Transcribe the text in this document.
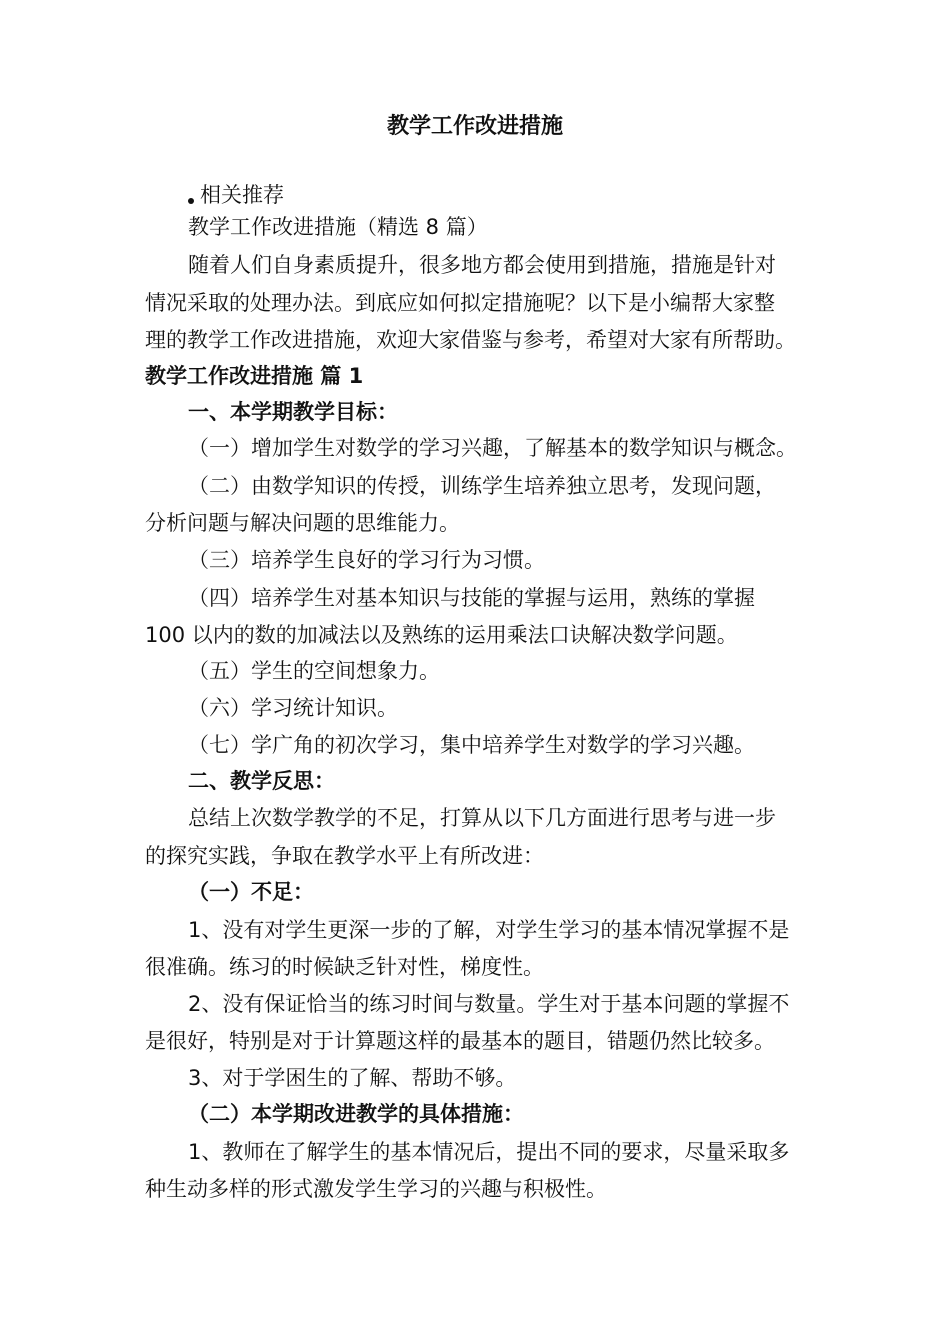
教学工作改进措施
相关推荐
教学工作改进措施（精选 8 篇）
随着人们自身素质提升，很多地方都会使用到措施，措施是针对
情况采取的处理办法。到底应如何拟定措施呢？以下是小编帮大家整
理的教学工作改进措施，欢迎大家借鉴与参考，希望对大家有所帮助。
教学工作改进措施 篇 1
一、本学期教学目标：
（一）增加学生对数学的学习兴趣，了解基本的数学知识与概念。
（二）由数学知识的传授，训练学生培养独立思考，发现问题，
分析问题与解决问题的思维能力。
（三）培养学生良好的学习行为习惯。
（四）培养学生对基本知识与技能的掌握与运用，熟练的掌握
100 以内的数的加减法以及熟练的运用乘法口诀解决数学问题。
（五）学生的空间想象力。
（六）学习统计知识。
（七）学广角的初次学习，集中培养学生对数学的学习兴趣。
二、教学反思：
总结上次数学教学的不足，打算从以下几方面进行思考与进一步
的探究实践，争取在教学水平上有所改进：
（一）不足：
1、没有对学生更深一步的了解，对学生学习的基本情况掌握不是
很准确。练习的时候缺乏针对性，梯度性。
2、没有保证恰当的练习时间与数量。学生对于基本问题的掌握不
是很好，特别是对于计算题这样的最基本的题目，错题仍然比较多。
3、对于学困生的了解、帮助不够。
（二）本学期改进教学的具体措施：
1、教师在了解学生的基本情况后，提出不同的要求，尽量采取多
种生动多样的形式激发学生学习的兴趣与积极性。
